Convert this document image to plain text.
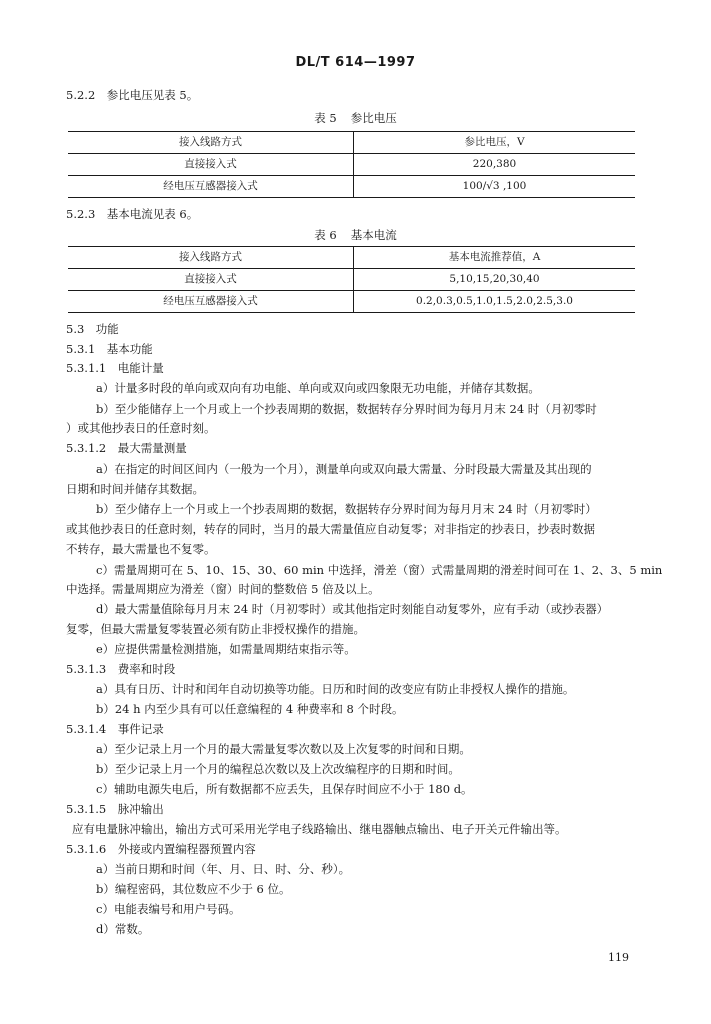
DL/T 614—1997
5.2.2　参比电压见表 5。
表 5 参比电压
接入线路方式	参比电压，V
直接接入式	220,380
经电压互感器接入式	100/√3 ,100
5.2.3　基本电流见表 6。
表 6 基本电流
接入线路方式	基本电流推荐值，A
直接接入式	5,10,15,20,30,40
经电压互感器接入式	0.2,0.3,0.5,1.0,1.5,2.0,2.5,3.0
5.3　功能
5.3.1　基本功能
5.3.1.1　电能计量
a）计量多时段的单向或双向有功电能、单向或双向或四象限无功电能，并储存其数据。
b）至少能储存上一个月或上一个抄表周期的数据，数据转存分界时间为每月月末 24 时（月初零时
）或其他抄表日的任意时刻。
5.3.1.2　最大需量测量
a）在指定的时间区间内（一般为一个月），测量单向或双向最大需量、分时段最大需量及其出现的
日期和时间并储存其数据。
b）至少储存上一个月或上一个抄表周期的数据，数据转存分界时间为每月月末 24 时（月初零时）
或其他抄表日的任意时刻，转存的同时，当月的最大需量值应自动复零；对非指定的抄表日，抄表时数据
不转存，最大需量也不复零。
c）需量周期可在 5、10、15、30、60 min 中选择，滑差（窗）式需量周期的滑差时间可在 1、2、3、5 min
中选择。需量周期应为滑差（窗）时间的整数倍 5 倍及以上。
d）最大需量值除每月月末 24 时（月初零时）或其他指定时刻能自动复零外，应有手动（或抄表器）
复零，但最大需量复零装置必须有防止非授权操作的措施。
e）应提供需量检测措施，如需量周期结束指示等。
5.3.1.3　费率和时段
a）具有日历、计时和闰年自动切换等功能。日历和时间的改变应有防止非授权人操作的措施。
b）24 h 内至少具有可以任意编程的 4 种费率和 8 个时段。
5.3.1.4　事件记录
a）至少记录上月一个月的最大需量复零次数以及上次复零的时间和日期。
b）至少记录上月一个月的编程总次数以及上次改编程序的日期和时间。
c）辅助电源失电后，所有数据都不应丢失，且保存时间应不小于 180 d。
5.3.1.5　脉冲输出
应有电量脉冲输出，输出方式可采用光学电子线路输出、继电器触点输出、电子开关元件输出等。
5.3.1.6　外接或内置编程器预置内容
a）当前日期和时间（年、月、日、时、分、秒）。
b）编程密码，其位数应不少于 6 位。
c）电能表编号和用户号码。
d）常数。
119
